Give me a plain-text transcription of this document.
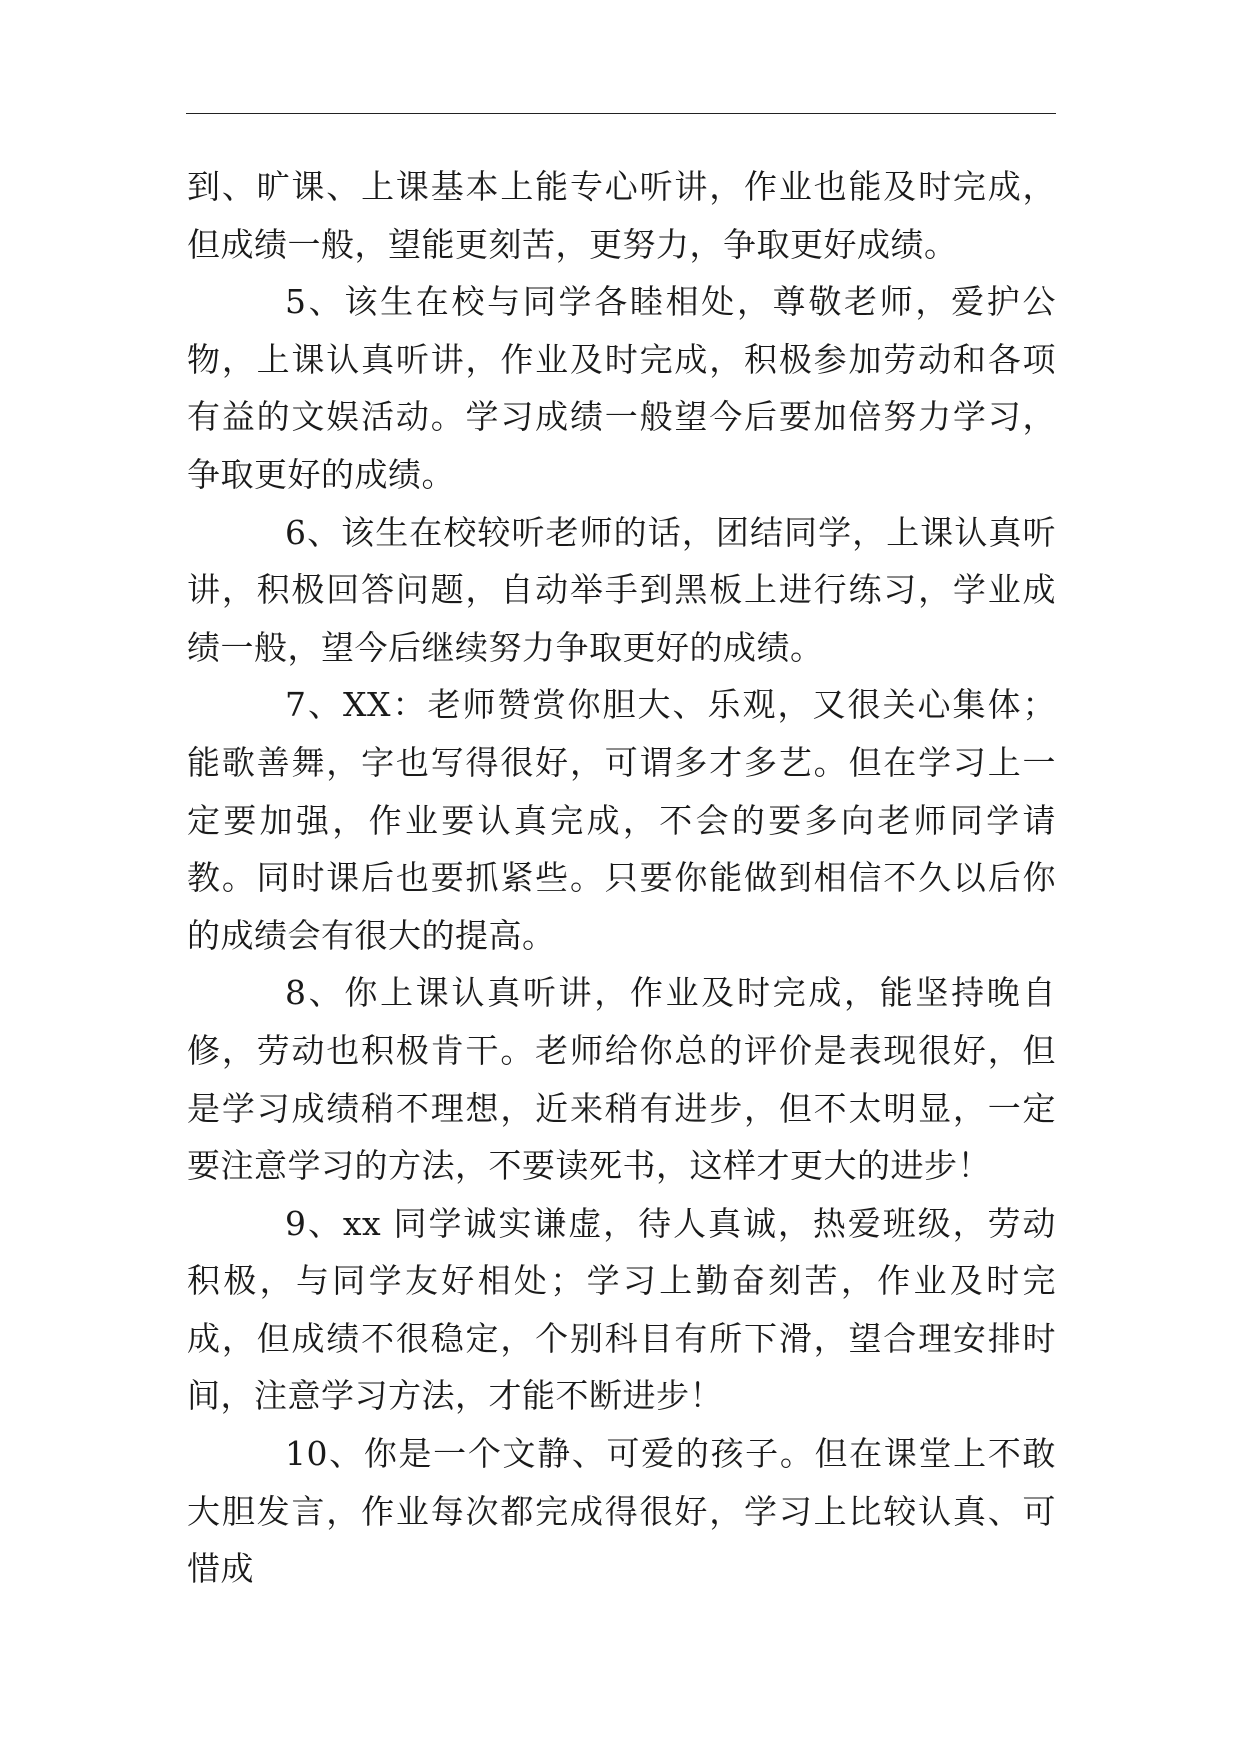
到、旷课、上课基本上能专心听讲，作业也能及时完成，但成绩一般，望能更刻苦，更努力，争取更好成绩。

5、该生在校与同学各睦相处，尊敬老师，爱护公物，上课认真听讲，作业及时完成，积极参加劳动和各项有益的文娱活动。学习成绩一般望今后要加倍努力学习，争取更好的成绩。

6、该生在校较听老师的话，团结同学，上课认真听讲，积极回答问题，自动举手到黑板上进行练习，学业成绩一般，望今后继续努力争取更好的成绩。

7、XX：老师赞赏你胆大、乐观，又很关心集体；能歌善舞，字也写得很好，可谓多才多艺。但在学习上一定要加强，作业要认真完成，不会的要多向老师同学请教。同时课后也要抓紧些。只要你能做到相信不久以后你的成绩会有很大的提高。

8、你上课认真听讲，作业及时完成，能坚持晚自修，劳动也积极肯干。老师给你总的评价是表现很好，但是学习成绩稍不理想，近来稍有进步，但不太明显，一定要注意学习的方法，不要读死书，这样才更大的进步！

9、xx 同学诚实谦虚，待人真诚，热爱班级，劳动积极，与同学友好相处；学习上勤奋刻苦，作业及时完成，但成绩不很稳定，个别科目有所下滑，望合理安排时间，注意学习方法，才能不断进步！

10、你是一个文静、可爱的孩子。但在课堂上不敢大胆发言，作业每次都完成得很好，学习上比较认真、可惜成
